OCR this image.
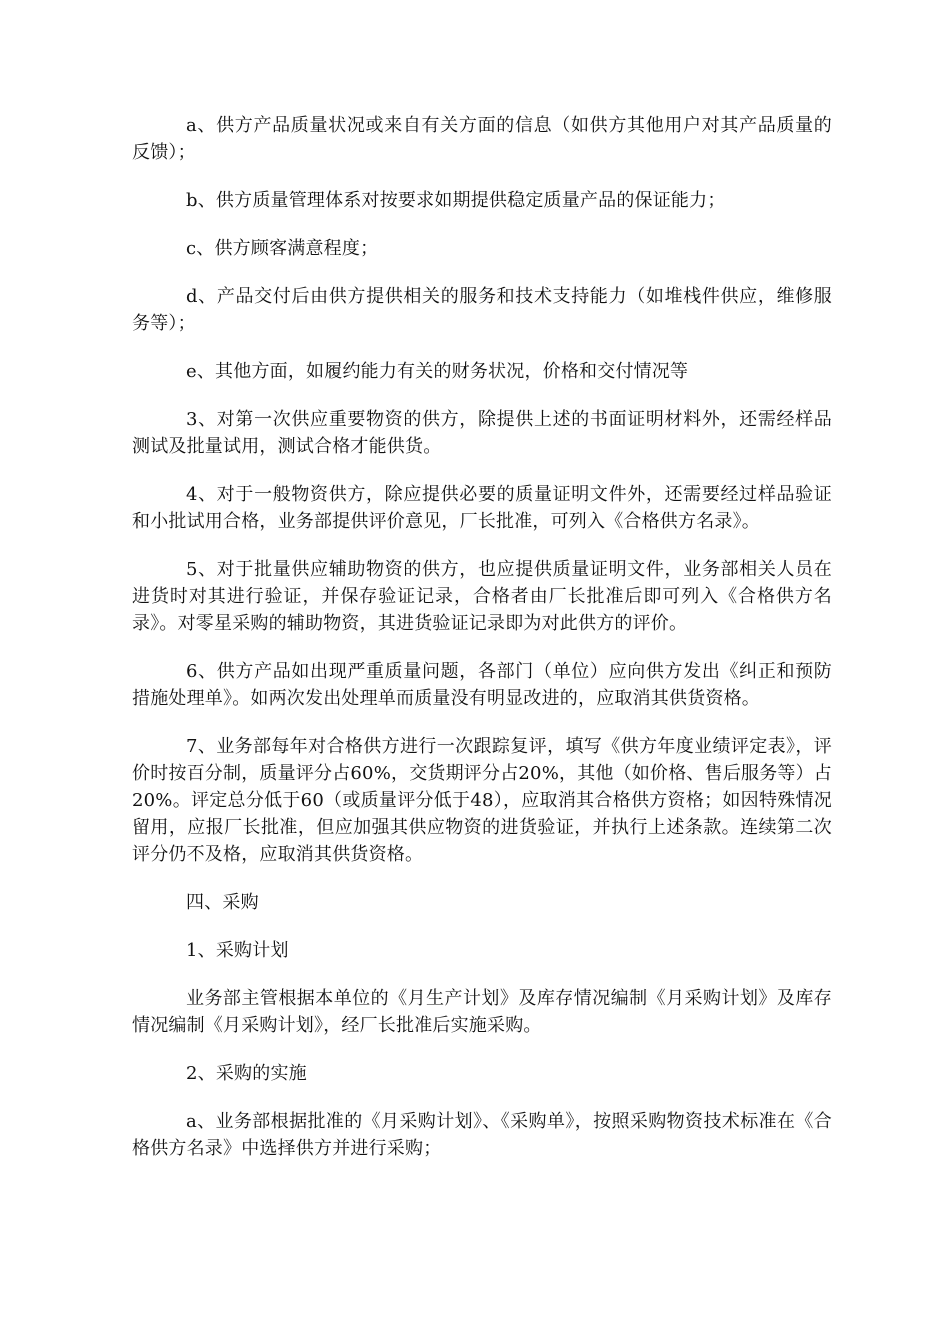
a、供方产品质量状况或来自有关方面的信息（如供方其他用户对其产品质量的反馈）；

b、供方质量管理体系对按要求如期提供稳定质量产品的保证能力；

c、供方顾客满意程度；

d、产品交付后由供方提供相关的服务和技术支持能力（如堆栈件供应，维修服务等）；

e、其他方面，如履约能力有关的财务状况，价格和交付情况等

3、对第一次供应重要物资的供方，除提供上述的书面证明材料外，还需经样品测试及批量试用，测试合格才能供货。

4、对于一般物资供方，除应提供必要的质量证明文件外，还需要经过样品验证和小批试用合格，业务部提供评价意见，厂长批准，可列入《合格供方名录》。

5、对于批量供应辅助物资的供方，也应提供质量证明文件，业务部相关人员在进货时对其进行验证，并保存验证记录，合格者由厂长批准后即可列入《合格供方名录》。对零星采购的辅助物资，其进货验证记录即为对此供方的评价。

6、供方产品如出现严重质量问题，各部门（单位）应向供方发出《纠正和预防措施处理单》。如两次发出处理单而质量没有明显改进的，应取消其供货资格。

7、业务部每年对合格供方进行一次跟踪复评，填写《供方年度业绩评定表》，评价时按百分制，质量评分占60%，交货期评分占20%，其他（如价格、售后服务等）占20%。评定总分低于60（或质量评分低于48），应取消其合格供方资格；如因特殊情况留用，应报厂长批准，但应加强其供应物资的进货验证，并执行上述条款。连续第二次评分仍不及格，应取消其供货资格。

四、采购

1、采购计划

业务部主管根据本单位的《月生产计划》及库存情况编制《月采购计划》及库存情况编制《月采购计划》，经厂长批准后实施采购。

2、采购的实施

a、业务部根据批准的《月采购计划》、《采购单》，按照采购物资技术标准在《合格供方名录》中选择供方并进行采购；
